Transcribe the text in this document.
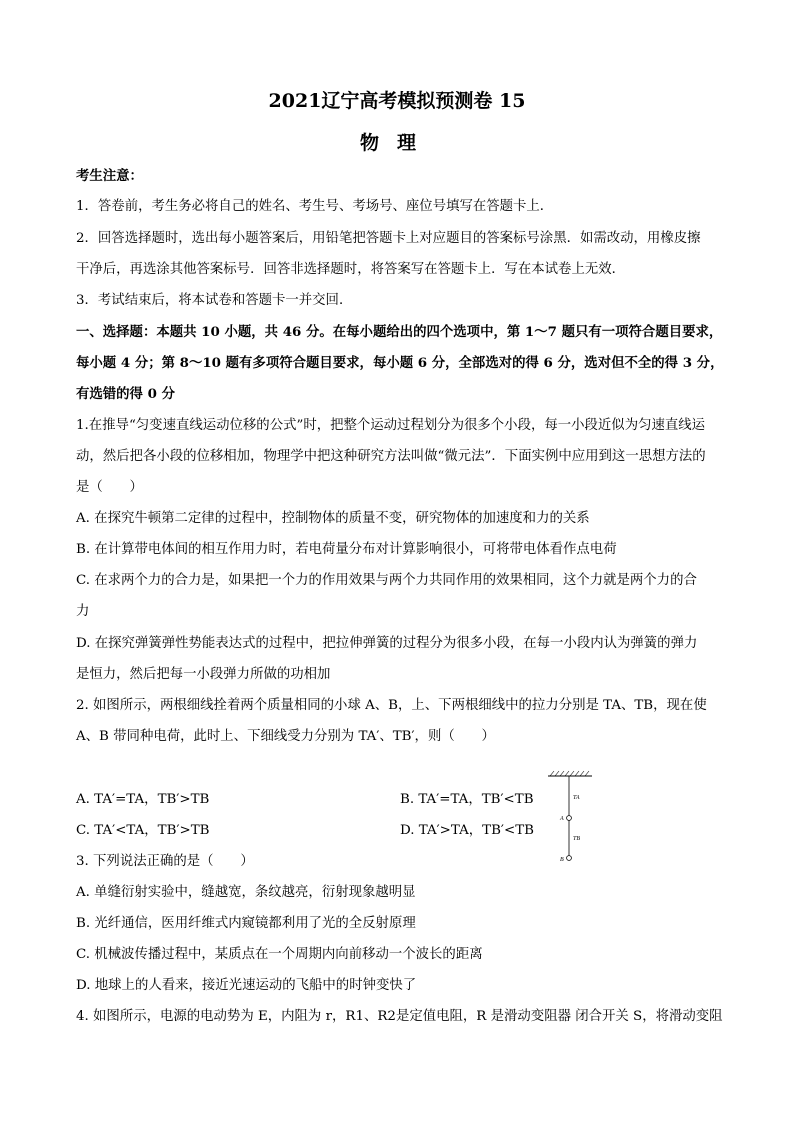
2021辽宁高考模拟预测卷 15
物理
考生注意：
1．答卷前，考生务必将自己的姓名、考生号、考场号、座位号填写在答题卡上．
2．回答选择题时，选出每小题答案后，用铅笔把答题卡上对应题目的答案标号涂黑．如需改动，用橡皮擦
干净后，再选涂其他答案标号．回答非选择题时，将答案写在答题卡上．写在本试卷上无效．
3．考试结束后，将本试卷和答题卡一并交回．
一、选择题：本题共 10 小题，共 46 分。在每小题给出的四个选项中，第 1～7 题只有一项符合题目要求，
每小题 4 分；第 8～10 题有多项符合题目要求，每小题 6 分，全部选对的得 6 分，选对但不全的得 3 分，
有选错的得 0 分
1.在推导“匀变速直线运动位移的公式”时，把整个运动过程划分为很多个小段，每一小段近似为匀速直线运
动，然后把各小段的位移相加，物理学中把这种研究方法叫做“微元法”．下面实例中应用到这一思想方法的
是（　　）
A. 在探究牛顿第二定律的过程中，控制物体的质量不变，研究物体的加速度和力的关系
B. 在计算带电体间的相互作用力时，若电荷量分布对计算影响很小，可将带电体看作点电荷
C. 在求两个力的合力是，如果把一个力的作用效果与两个力共同作用的效果相同，这个力就是两个力的合
力
D. 在探究弹簧弹性势能表达式的过程中，把拉伸弹簧的过程分为很多小段，在每一小段内认为弹簧的弹力
是恒力，然后把每一小段弹力所做的功相加
2. 如图所示，两根细线拴着两个质量相同的小球 A、B，上、下两根细线中的拉力分别是 TA、TB，现在使
A、B 带同种电荷，此时上、下细线受力分别为 TA′、TB′，则（　　）
A. TA′=TA，TB′>TB	B. TA′=TA，TB′<TB
C. TA′<TA，TB′>TB	D. TA′>TA，TB′<TB
TA
TB
A
B
3. 下列说法正确的是（　　）
A. 单缝衍射实验中，缝越宽，条纹越亮，衍射现象越明显
B. 光纤通信，医用纤维式内窥镜都利用了光的全反射原理
C. 机械波传播过程中，某质点在一个周期内向前移动一个波长的距离
D. 地球上的人看来，接近光速运动的飞船中的时钟变快了
4. 如图所示，电源的电动势为 E，内阻为 r，R1、R2是定值电阻，R 是滑动变阻器 闭合开关 S，将滑动变阻
